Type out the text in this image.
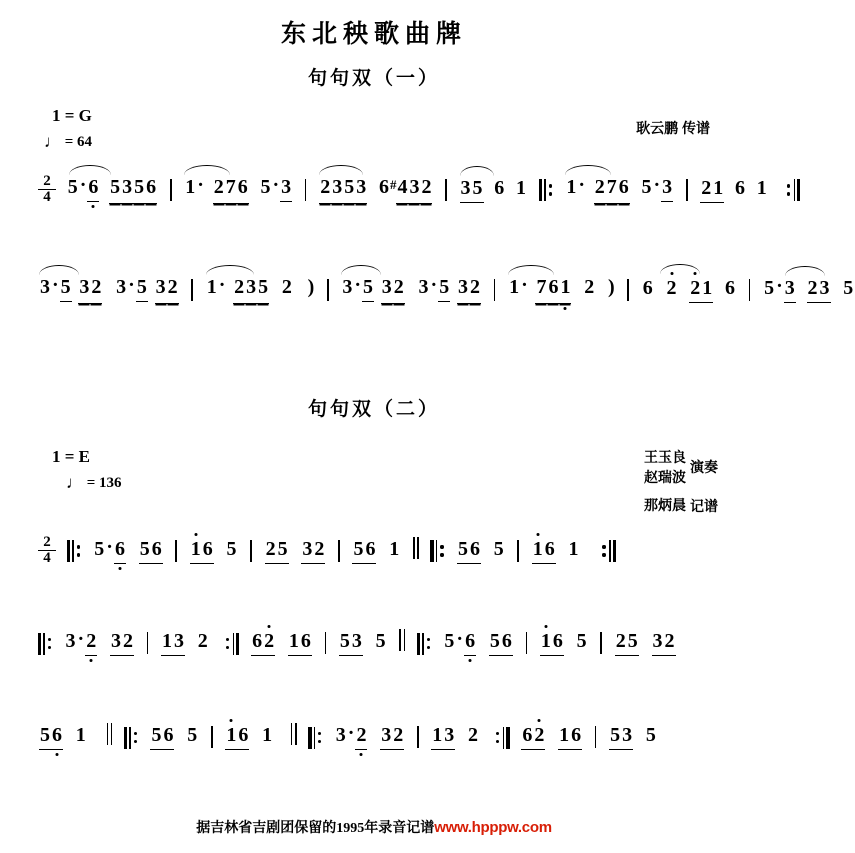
东北秧歌曲牌
句句双（一）
1 = G
♩ = 64
耿云鹏 传谱
$\frac{2}{4}$
5 · 6 5 3 5 6 1 · 2 7 6 5 · 3 2 3 5 3 6#4 3 2 3 5 6 1 1 · 2 7 6 5 · 3 2 1 6 1
3 · 5 3 2 3 · 5 3 2 1 · 2 3 5 2 ) 3 · 5 3 2 3 · 5 3 2 1 · 7 6 1 2 ) 6 2 2 1 6 5 · 3 2 3 5
句句双（二）
1 = E
♩ = 136
王玉良
赵瑞波
演奏
那炳晨 记谱
$\frac{2}{4} 5 \cdot 6$ 5 6 1 6 5 2 5 3 2 5 6 1	5 6 5 1 6 1
3 · 2 3 2 1 3 2 6 2 1 6 5 3 5	5 · 6 5 6 1 6 5 2 5 3 2
5 6 1	5 6 5 1 6 1	3 · 2 3 2 1 3 2 6 2 1 6 5 3 5
据吉林省吉剧团保留的1995年录音记谱www.hpppw.com
